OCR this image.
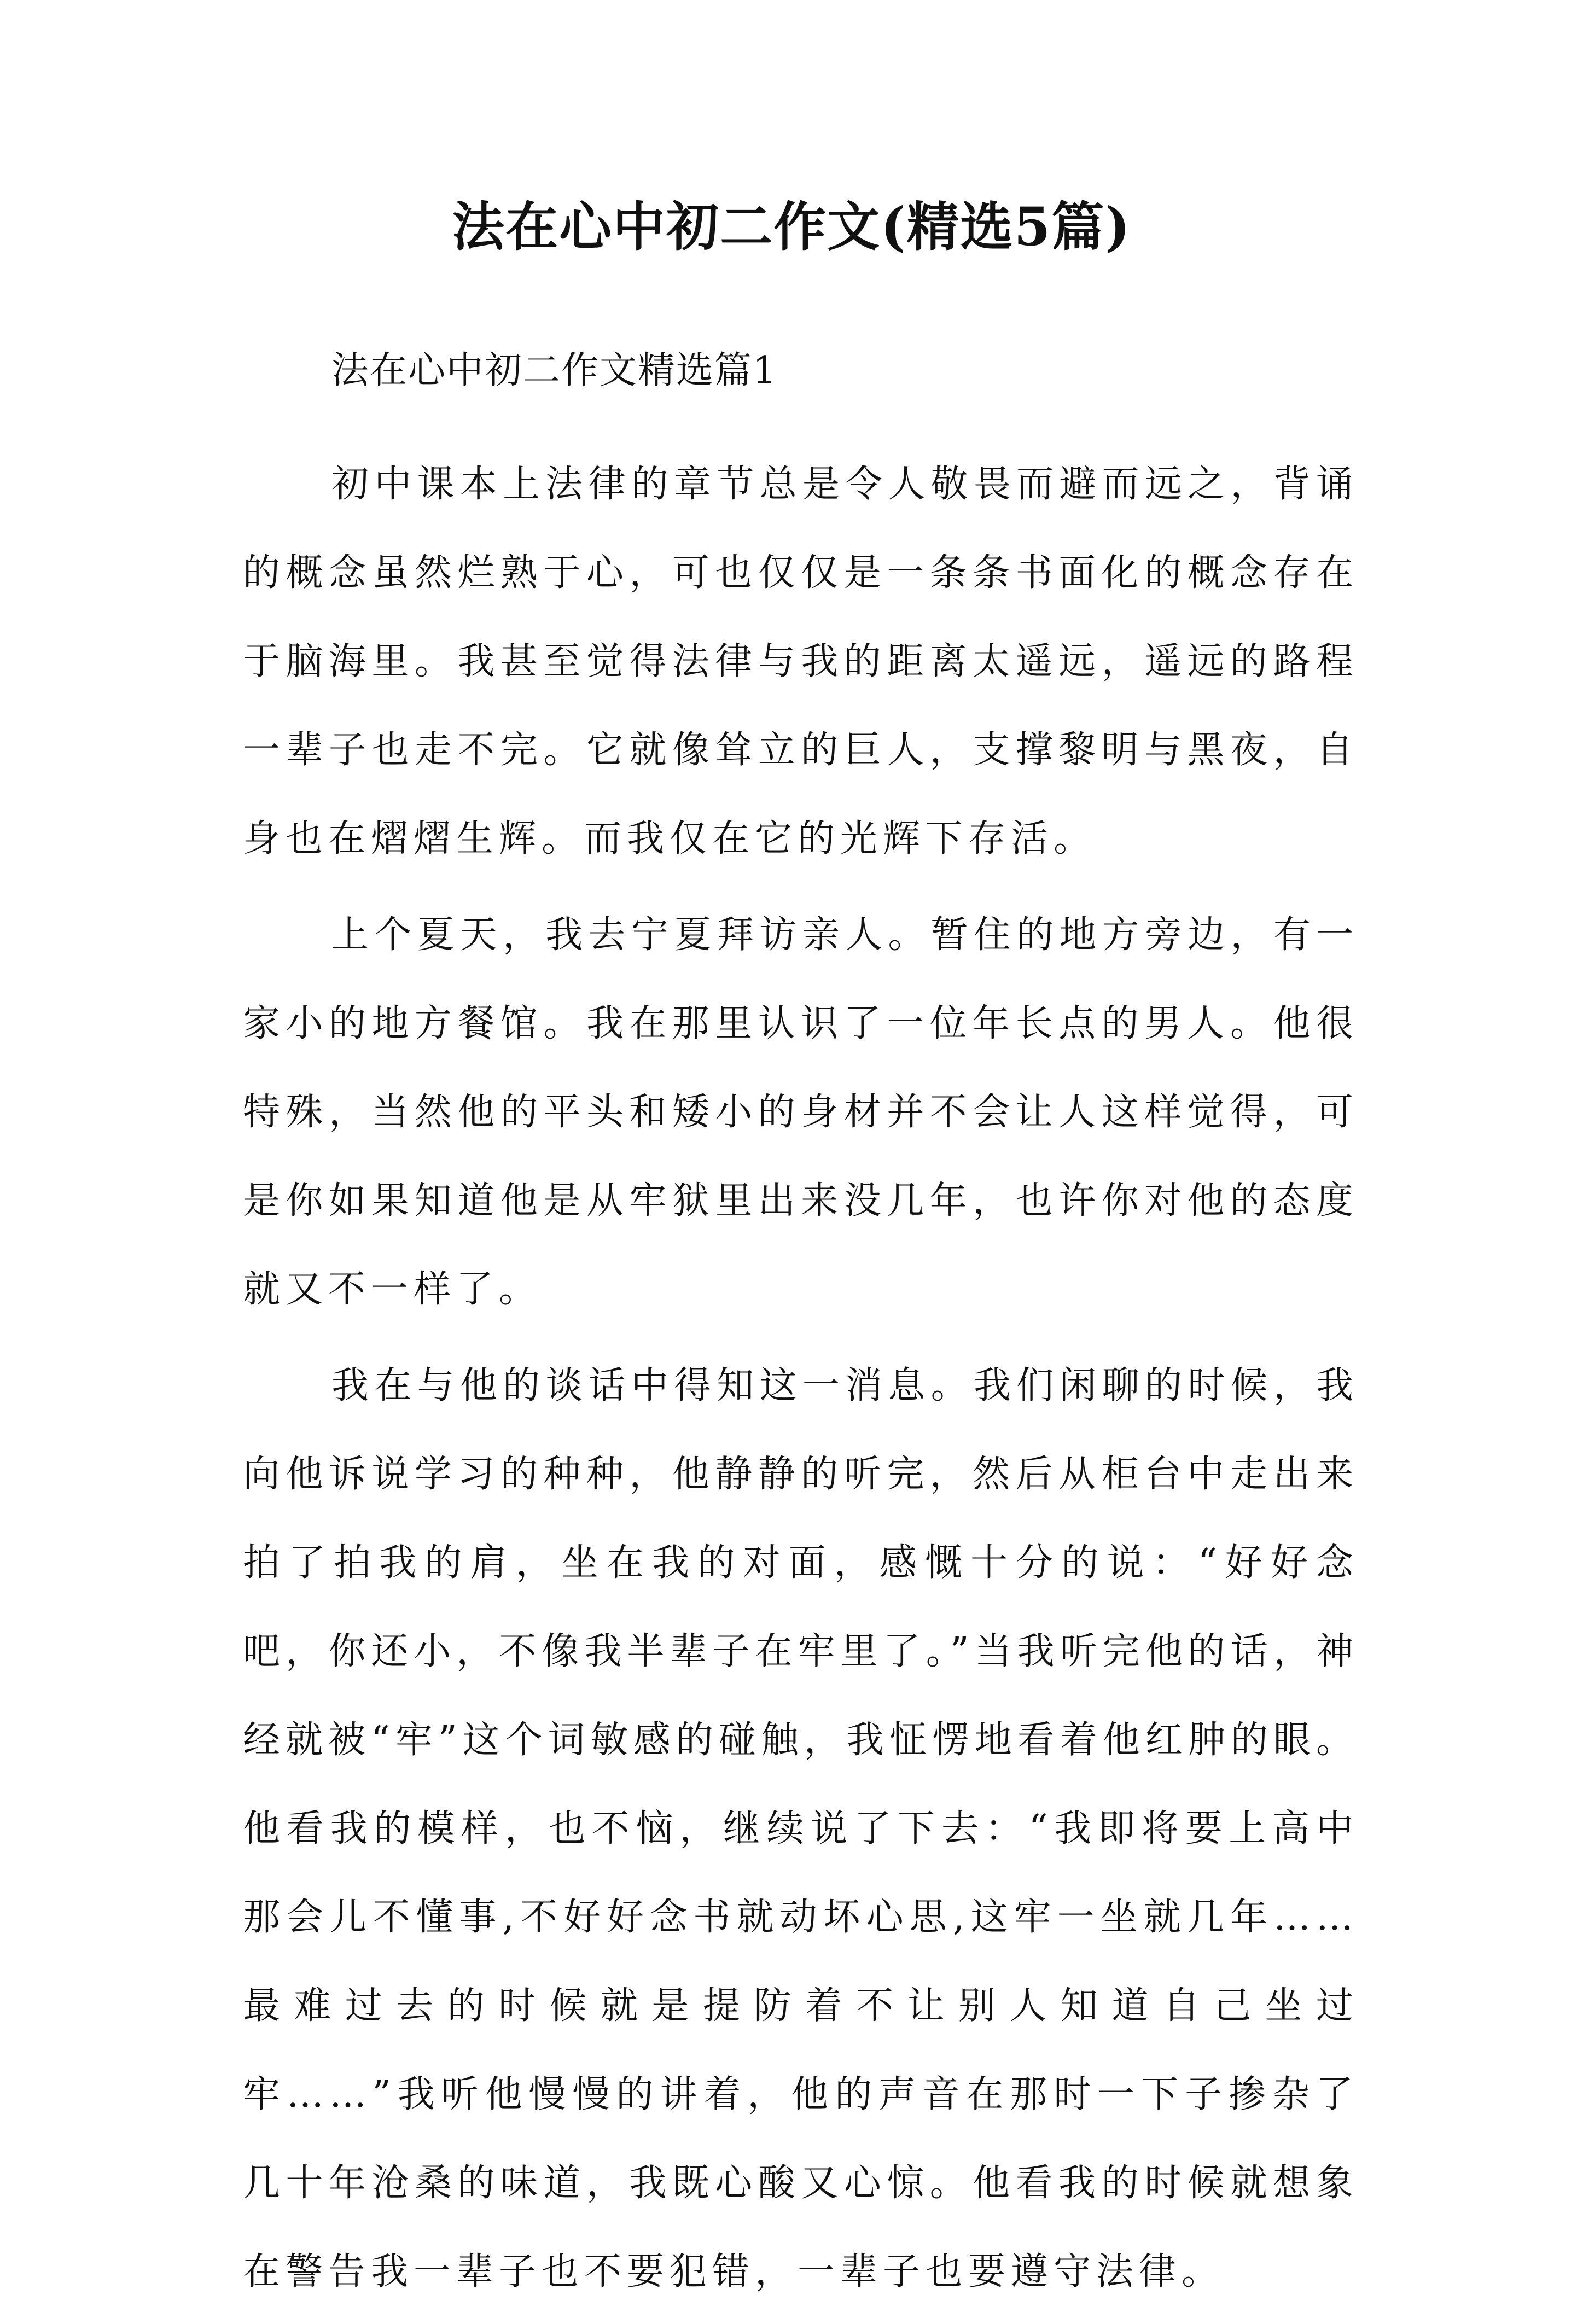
法在心中初二作文(精选5篇)
法在心中初二作文精选篇1

初中课本上法律的章节总是令人敬畏而避而远之，背诵的概念虽然烂熟于心，可也仅仅是一条条书面化的概念存在于脑海里。我甚至觉得法律与我的距离太遥远，遥远的路程一辈子也走不完。它就像耸立的巨人，支撑黎明与黑夜，自身也在熠熠生辉。而我仅在它的光辉下存活。

上个夏天，我去宁夏拜访亲人。暂住的地方旁边，有一家小的地方餐馆。我在那里认识了一位年长点的男人。他很特殊，当然他的平头和矮小的身材并不会让人这样觉得，可是你如果知道他是从牢狱里出来没几年，也许你对他的态度就又不一样了。

我在与他的谈话中得知这一消息。我们闲聊的时候，我向他诉说学习的种种，他静静的听完，然后从柜台中走出来拍了拍我的肩，坐在我的对面，感慨十分的说：“好好念吧，你还小，不像我半辈子在牢里了。”当我听完他的话，神经就被“牢”这个词敏感的碰触，我怔愣地看着他红肿的眼。他看我的模样，也不恼，继续说了下去：“我即将要上高中那会儿不懂事,不好好念书就动坏心思,这牢一坐就几年……最难过去的时候就是提防着不让别人知道自己坐过牢……”我听他慢慢的讲着，他的声音在那时一下子掺杂了几十年沧桑的味道，我既心酸又心惊。他看我的时候就想象在警告我一辈子也不要犯错，一辈子也要遵守法律。
